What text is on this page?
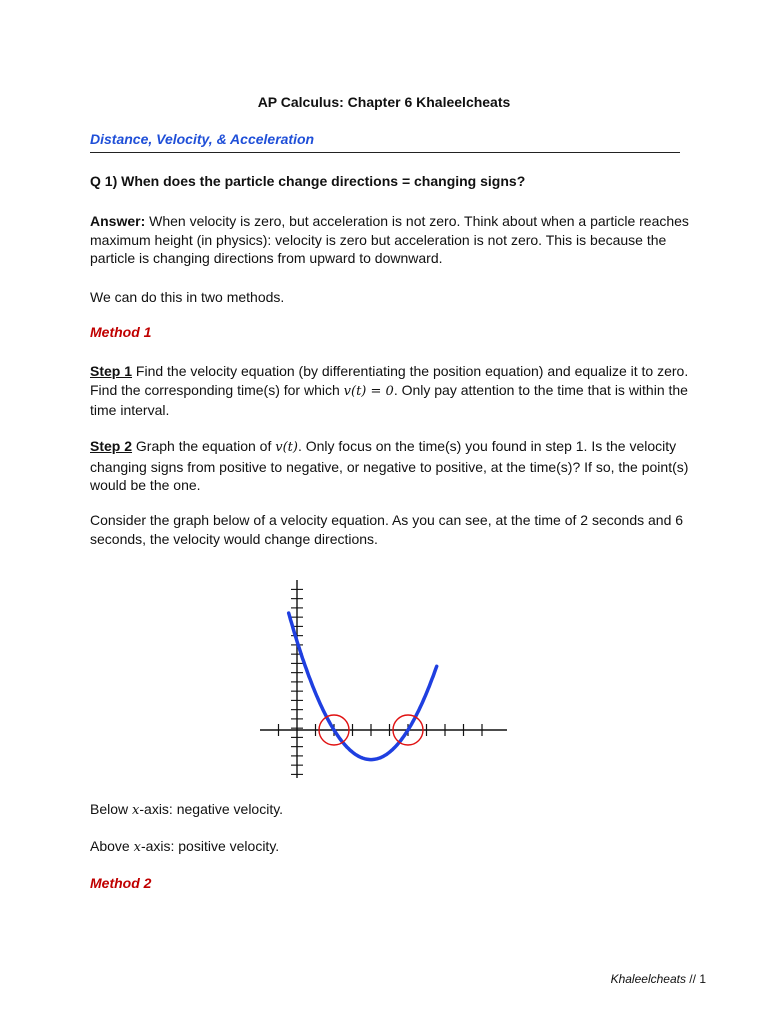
AP Calculus: Chapter 6 Khaleelcheats
Distance, Velocity, & Acceleration
Q 1) When does the particle change directions = changing signs?
Answer: When velocity is zero, but acceleration is not zero. Think about when a particle reaches maximum height (in physics): velocity is zero but acceleration is not zero. This is because the particle is changing directions from upward to downward.
We can do this in two methods.
Method 1
Step 1 Find the velocity equation (by differentiating the position equation) and equalize it to zero. Find the corresponding time(s) for which v(t) = 0. Only pay attention to the time that is within the time interval.
Step 2 Graph the equation of v(t). Only focus on the time(s) you found in step 1. Is the velocity changing signs from positive to negative, or negative to positive, at the time(s)? If so, the point(s) would be the one.
Consider the graph below of a velocity equation. As you can see, at the time of 2 seconds and 6 seconds, the velocity would change directions.
Below x-axis: negative velocity.
Above x-axis: positive velocity.
Method 2
Khaleelcheats // 1
